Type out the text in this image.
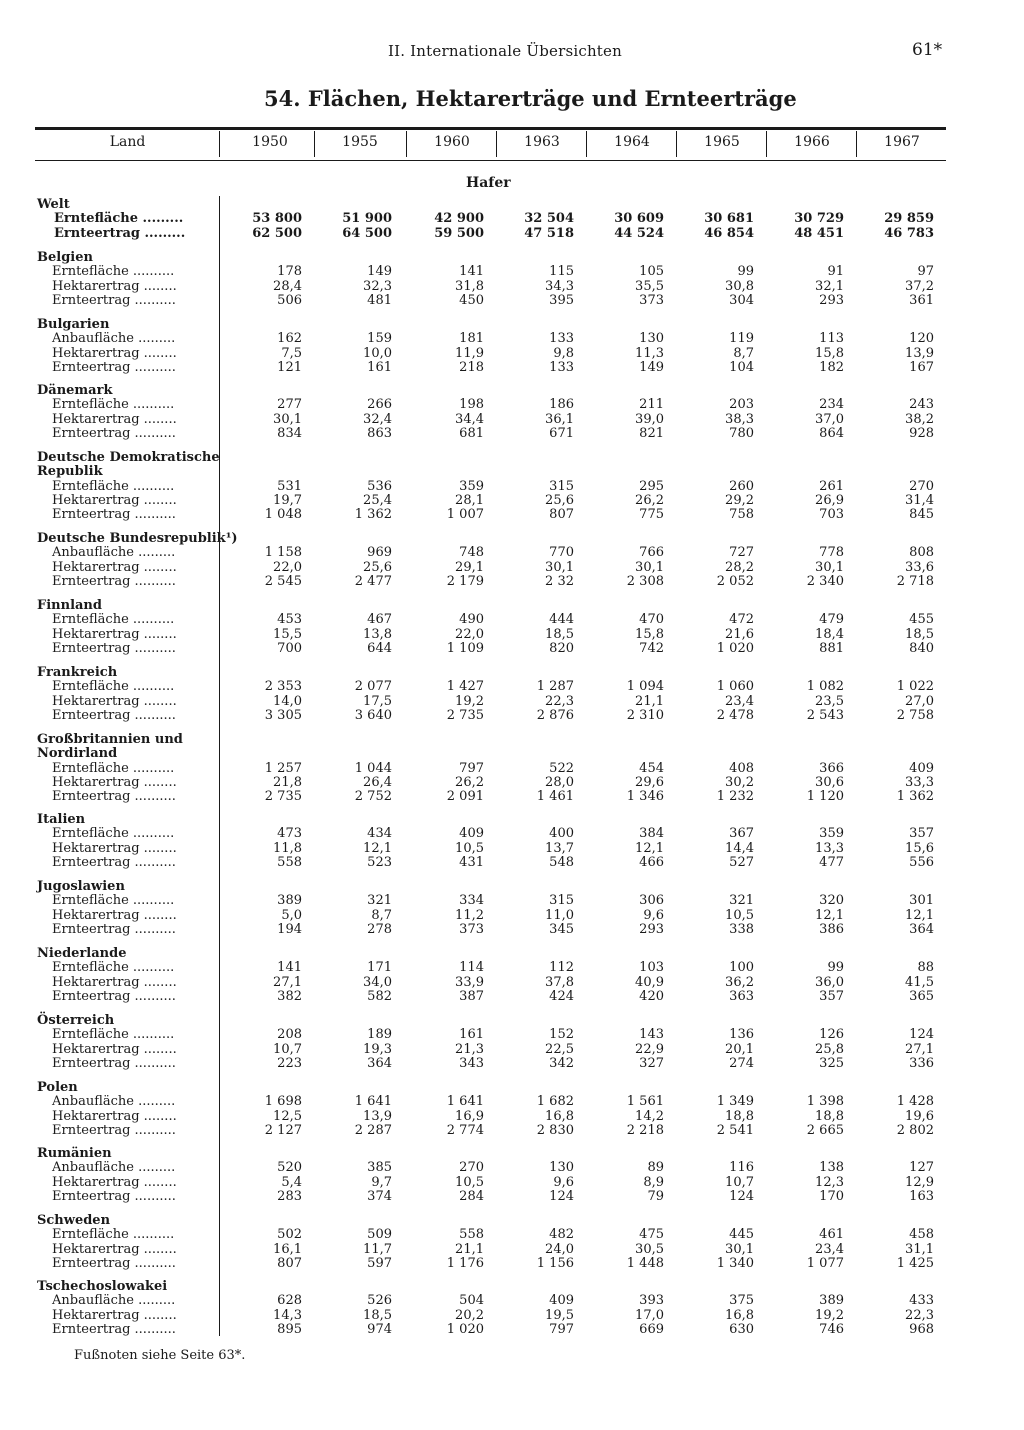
II. Internationale Übersichten	61*
54. Flächen, Hektarerträge und Ernteerträge
Land	1950	1955	1960	1963	1964	1965	1966	1967
Hafer
Welt
Erntefläche .........	53 800	51 900	42 900	32 504	30 609	30 681	30 729	29 859
Ernteertrag .........	62 500	64 500	59 500	47 518	44 524	46 854	48 451	46 783
Belgien
Erntefläche ..........	178	149	141	115	105	99	91	97
Hektarertrag ........	28,4	32,3	31,8	34,3	35,5	30,8	32,1	37,2
Ernteertrag ..........	506	481	450	395	373	304	293	361
Bulgarien
Anbaufläche .........	162	159	181	133	130	119	113	120
Hektarertrag ........	7,5	10,0	11,9	9,8	11,3	8,7	15,8	13,9
Ernteertrag ..........	121	161	218	133	149	104	182	167
Dänemark
Erntefläche ..........	277	266	198	186	211	203	234	243
Hektarertrag ........	30,1	32,4	34,4	36,1	39,0	38,3	37,0	38,2
Ernteertrag ..........	834	863	681	671	821	780	864	928
Deutsche Demokratische
Republik
Erntefläche ..........	531	536	359	315	295	260	261	270
Hektarertrag ........	19,7	25,4	28,1	25,6	26,2	29,2	26,9	31,4
Ernteertrag ..........	1 048	1 362	1 007	807	775	758	703	845
Deutsche Bundesrepublik¹)
Anbaufläche .........	1 158	969	748	770	766	727	778	808
Hektarertrag ........	22,0	25,6	29,1	30,1	30,1	28,2	30,1	33,6
Ernteertrag ..........	2 545	2 477	2 179	2 32	2 308	2 052	2 340	2 718
Finnland
Erntefläche ..........	453	467	490	444	470	472	479	455
Hektarertrag ........	15,5	13,8	22,0	18,5	15,8	21,6	18,4	18,5
Ernteertrag ..........	700	644	1 109	820	742	1 020	881	840
Frankreich
Erntefläche ..........	2 353	2 077	1 427	1 287	1 094	1 060	1 082	1 022
Hektarertrag ........	14,0	17,5	19,2	22,3	21,1	23,4	23,5	27,0
Ernteertrag ..........	3 305	3 640	2 735	2 876	2 310	2 478	2 543	2 758
Großbritannien und
Nordirland
Erntefläche ..........	1 257	1 044	797	522	454	408	366	409
Hektarertrag ........	21,8	26,4	26,2	28,0	29,6	30,2	30,6	33,3
Ernteertrag ..........	2 735	2 752	2 091	1 461	1 346	1 232	1 120	1 362
Italien
Erntefläche ..........	473	434	409	400	384	367	359	357
Hektarertrag ........	11,8	12,1	10,5	13,7	12,1	14,4	13,3	15,6
Ernteertrag ..........	558	523	431	548	466	527	477	556
Jugoslawien
Erntefläche ..........	389	321	334	315	306	321	320	301
Hektarertrag ........	5,0	8,7	11,2	11,0	9,6	10,5	12,1	12,1
Ernteertrag ..........	194	278	373	345	293	338	386	364
Niederlande
Erntefläche ..........	141	171	114	112	103	100	99	88
Hektarertrag ........	27,1	34,0	33,9	37,8	40,9	36,2	36,0	41,5
Ernteertrag ..........	382	582	387	424	420	363	357	365
Österreich
Erntefläche ..........	208	189	161	152	143	136	126	124
Hektarertrag ........	10,7	19,3	21,3	22,5	22,9	20,1	25,8	27,1
Ernteertrag ..........	223	364	343	342	327	274	325	336
Polen
Anbaufläche .........	1 698	1 641	1 641	1 682	1 561	1 349	1 398	1 428
Hektarertrag ........	12,5	13,9	16,9	16,8	14,2	18,8	18,8	19,6
Ernteertrag ..........	2 127	2 287	2 774	2 830	2 218	2 541	2 665	2 802
Rumänien
Anbaufläche .........	520	385	270	130	89	116	138	127
Hektarertrag ........	5,4	9,7	10,5	9,6	8,9	10,7	12,3	12,9
Ernteertrag ..........	283	374	284	124	79	124	170	163
Schweden
Erntefläche ..........	502	509	558	482	475	445	461	458
Hektarertrag ........	16,1	11,7	21,1	24,0	30,5	30,1	23,4	31,1
Ernteertrag ..........	807	597	1 176	1 156	1 448	1 340	1 077	1 425
Tschechoslowakei
Anbaufläche .........	628	526	504	409	393	375	389	433
Hektarertrag ........	14,3	18,5	20,2	19,5	17,0	16,8	19,2	22,3
Ernteertrag ..........	895	974	1 020	797	669	630	746	968
Fußnoten siehe Seite 63*.
